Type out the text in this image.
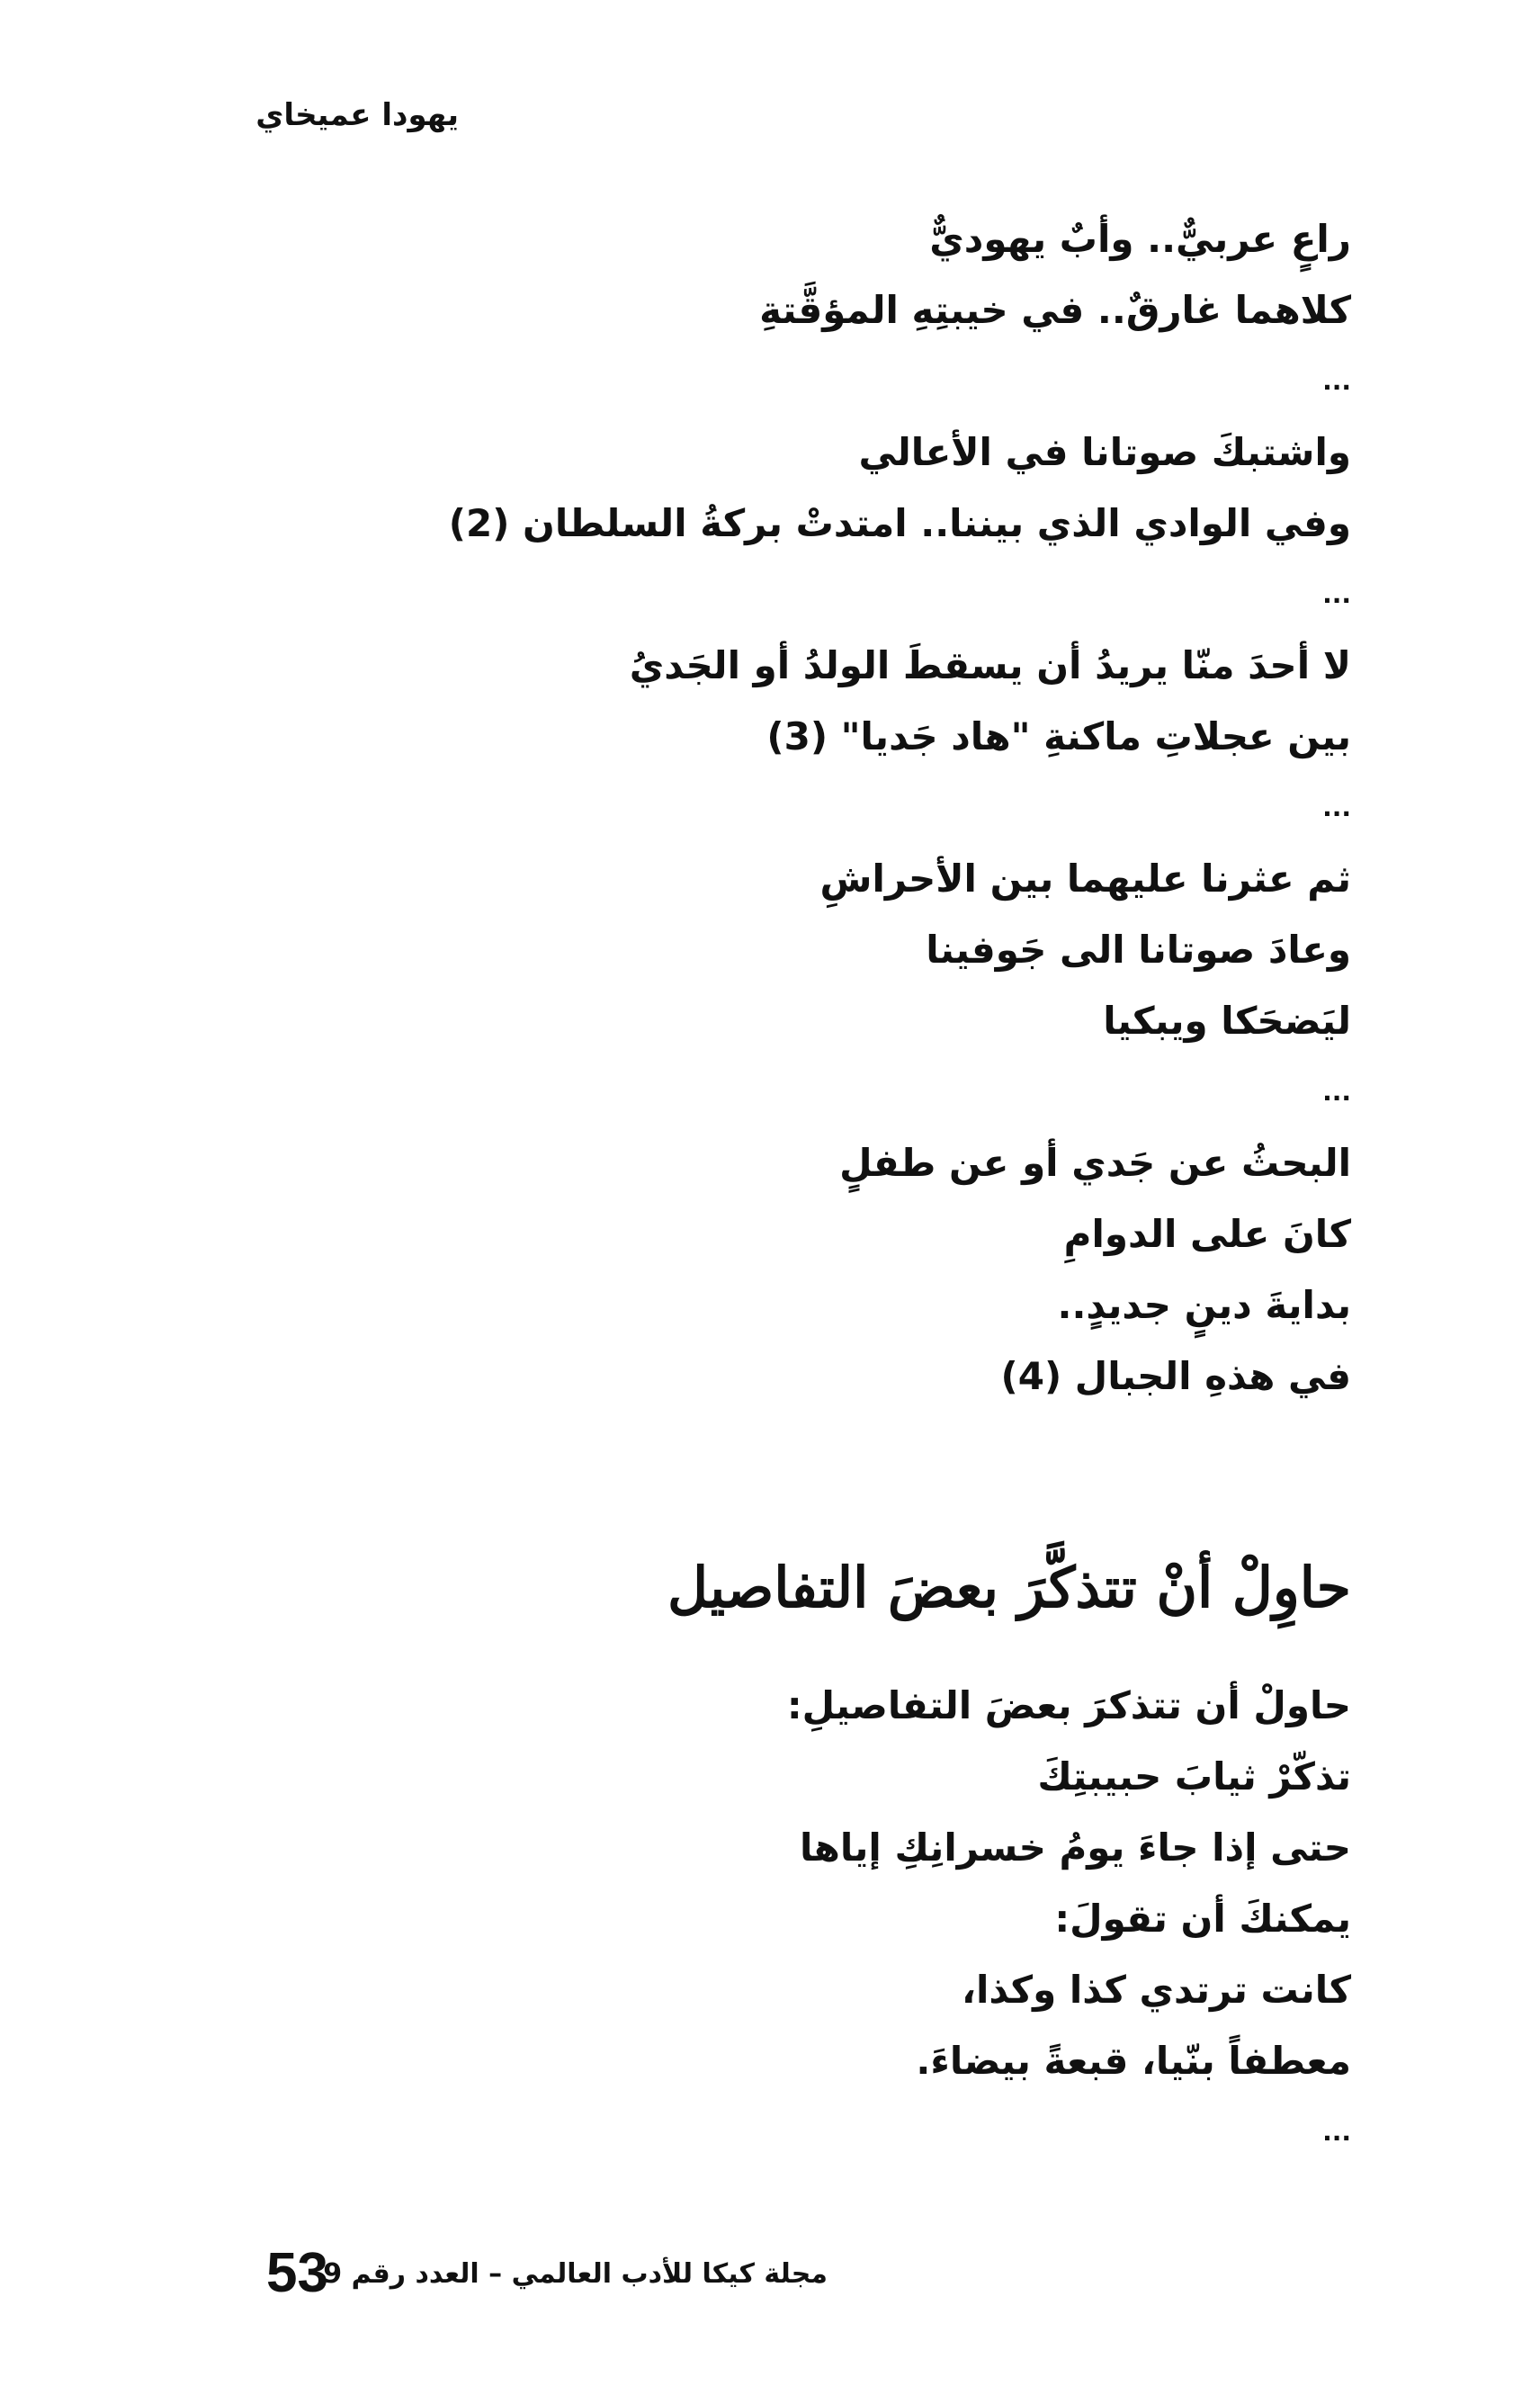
يهودا عميخاي
راعٍ عربيٌّ.. وأبٌ يهوديٌّ
كلاهما غارقٌ.. في خيبتِهِ المؤقَّتةِ
...
واشتبكَ صوتانا في الأعالي
وفي الوادي الذي بيننا.. امتدتْ بركةُ السلطان (2)
...
لا أحدَ منّا يريدُ أن يسقطَ الولدُ أو الجَديُ
بين عجلاتِ ماكنةِ "هاد جَديا" (3)
...
ثم عثرنا عليهما بين الأحراشِ
وعادَ صوتانا الى جَوفينا
ليَضحَكا ويبكيا
...
البحثُ عن جَدي أو عن طفلٍ
كانَ على الدوامِ
بدايةَ دينٍ جديدٍ..
في هذهِ الجبال (4)
حاوِلْ أنْ تتذكَّرَ بعضَ التفاصيل
حاولْ أن تتذكرَ بعضَ التفاصيلِ:
تذكّرْ ثيابَ حبيبتِكَ
حتى إذا جاءَ يومُ خسرانِكِ إياها
يمكنكَ أن تقولَ:
كانت ترتدي كذا وكذا،
معطفاً بنّيا، قبعةً بيضاءَ.
...
53
مجلة كيكا للأدب العالمي – العدد رقم 9
